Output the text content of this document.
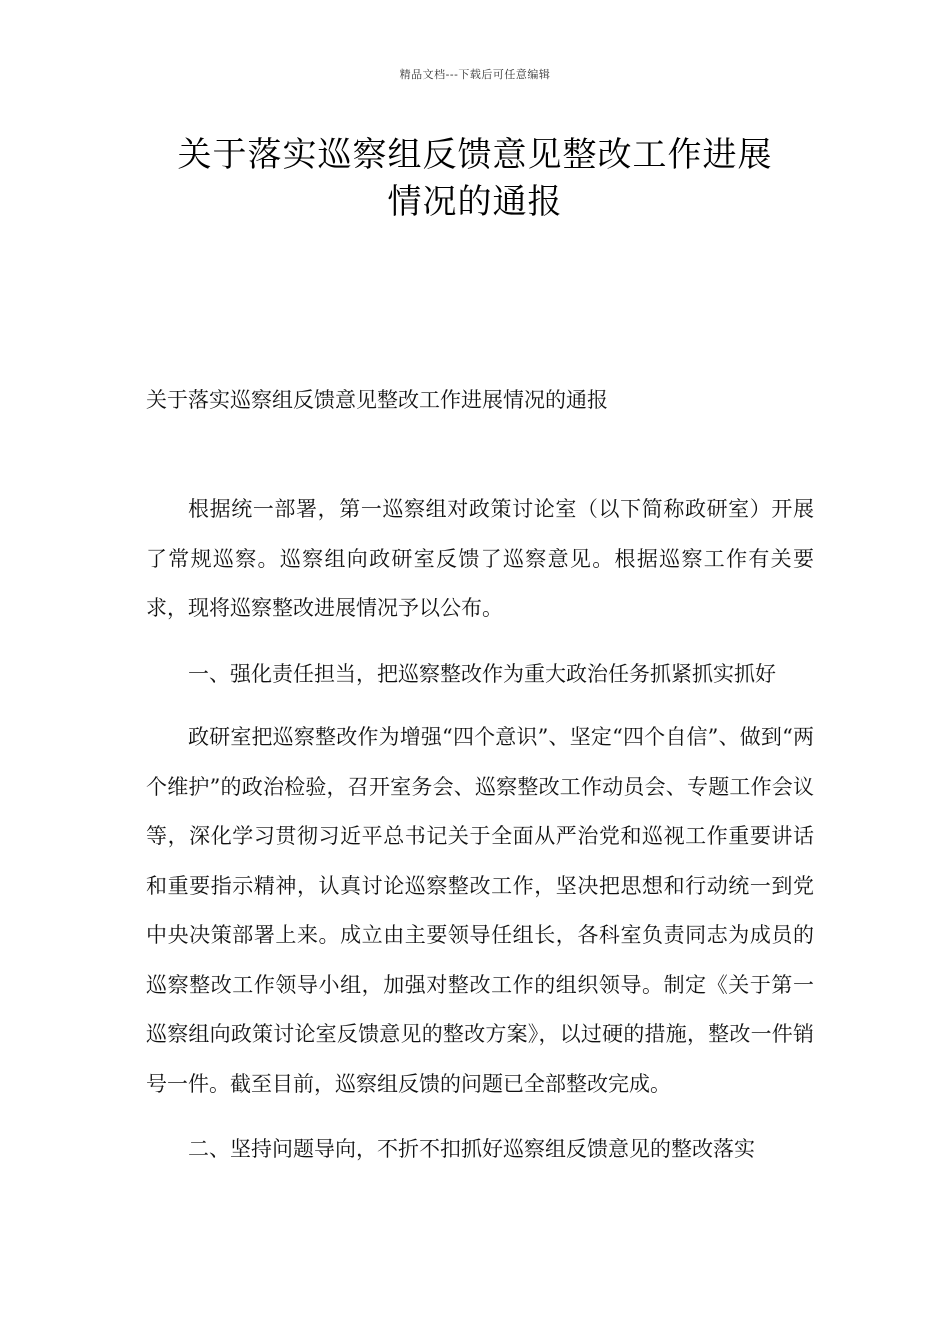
精品文档---下载后可任意编辑
关于落实巡察组反馈意见整改工作进展
情况的通报
关于落实巡察组反馈意见整改工作进展情况的通报

根据统一部署，第一巡察组对政策讨论室（以下简称政研室）开展了常规巡察。巡察组向政研室反馈了巡察意见。根据巡察工作有关要求，现将巡察整改进展情况予以公布。

一、强化责任担当，把巡察整改作为重大政治任务抓紧抓实抓好

政研室把巡察整改作为增强“四个意识”、坚定“四个自信”、做到“两个维护”的政治检验，召开室务会、巡察整改工作动员会、专题工作会议等，深化学习贯彻习近平总书记关于全面从严治党和巡视工作重要讲话和重要指示精神，认真讨论巡察整改工作，坚决把思想和行动统一到党中央决策部署上来。成立由主要领导任组长，各科室负责同志为成员的巡察整改工作领导小组，加强对整改工作的组织领导。制定《关于第一巡察组向政策讨论室反馈意见的整改方案》，以过硬的措施，整改一件销号一件。截至目前，巡察组反馈的问题已全部整改完成。

二、坚持问题导向，不折不扣抓好巡察组反馈意见的整改落实
